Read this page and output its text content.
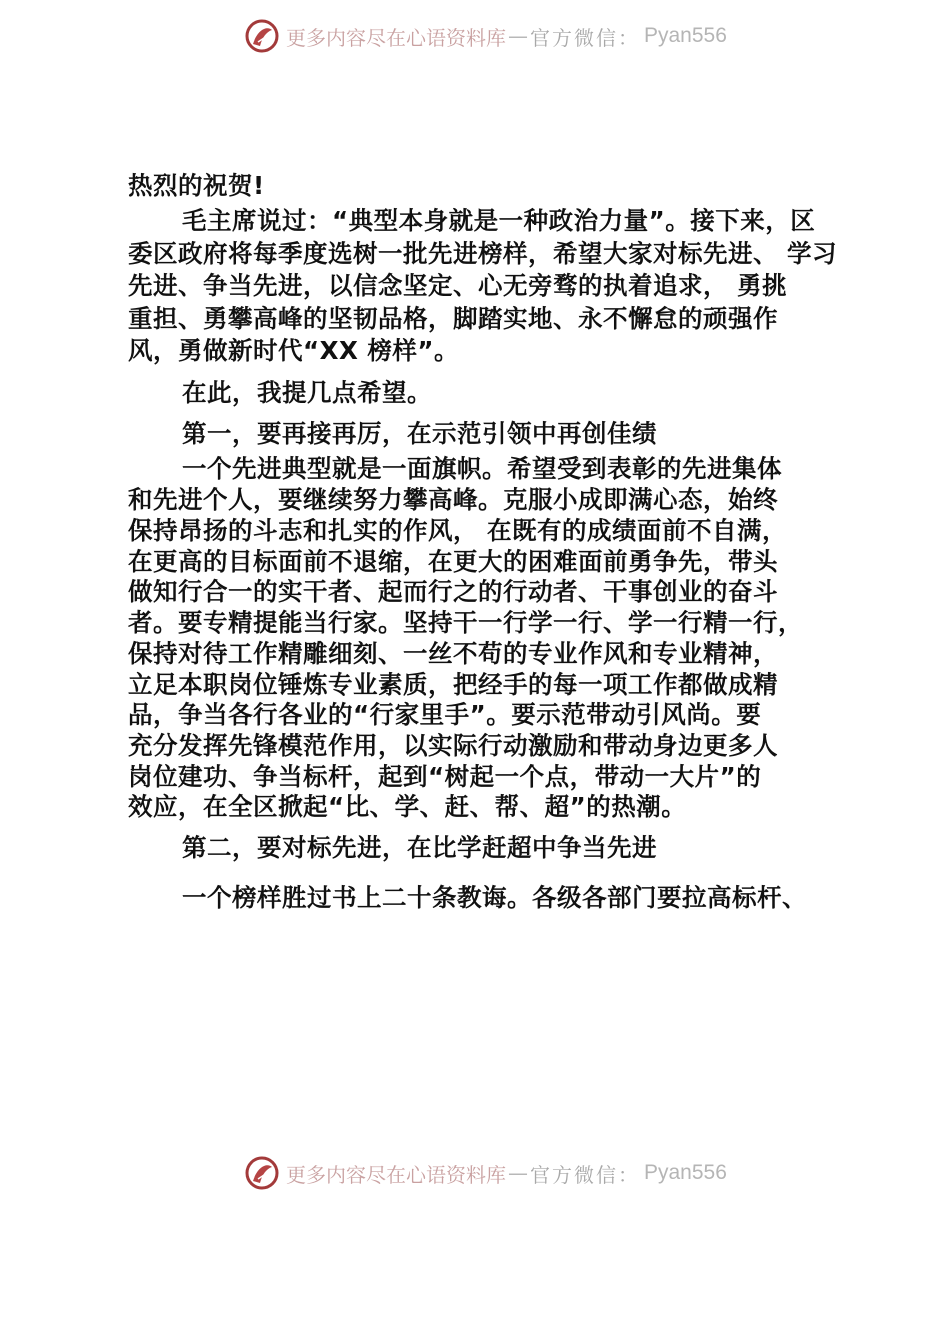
更多内容尽在心语资料库 — 官方微信： Pyan556
热烈的祝贺!
毛主席说过：“典型本身就是一种政治力量”。接下来，区
委区政府将每季度选树一批先进榜样，希望大家对标先进、 学习
先进、争当先进，以信念坚定、心无旁骛的执着追求， 勇挑
重担、勇攀高峰的坚韧品格，脚踏实地、永不懈怠的顽强作
风，勇做新时代“XX 榜样”。
在此，我提几点希望。
第一，要再接再厉，在示范引领中再创佳绩
一个先进典型就是一面旗帜。希望受到表彰的先进集体
和先进个人，要继续努力攀高峰。克服小成即满心态，始终
保持昂扬的斗志和扎实的作风， 在既有的成绩面前不自满，
在更高的目标面前不退缩，在更大的困难面前勇争先，带头
做知行合一的实干者、起而行之的行动者、干事创业的奋斗
者。要专精提能当行家。坚持干一行学一行、学一行精一行，
保持对待工作精雕细刻、一丝不苟的专业作风和专业精神，
立足本职岗位锤炼专业素质，把经手的每一项工作都做成精
品，争当各行各业的“行家里手”。要示范带动引风尚。要
充分发挥先锋模范作用，以实际行动激励和带动身边更多人
岗位建功、争当标杆，起到“树起一个点，带动一大片”的
效应，在全区掀起“比、学、赶、帮、超”的热潮。
第二，要对标先进，在比学赶超中争当先进
一个榜样胜过书上二十条教诲。各级各部门要拉高标杆、
更多内容尽在心语资料库 — 官方微信： Pyan556
